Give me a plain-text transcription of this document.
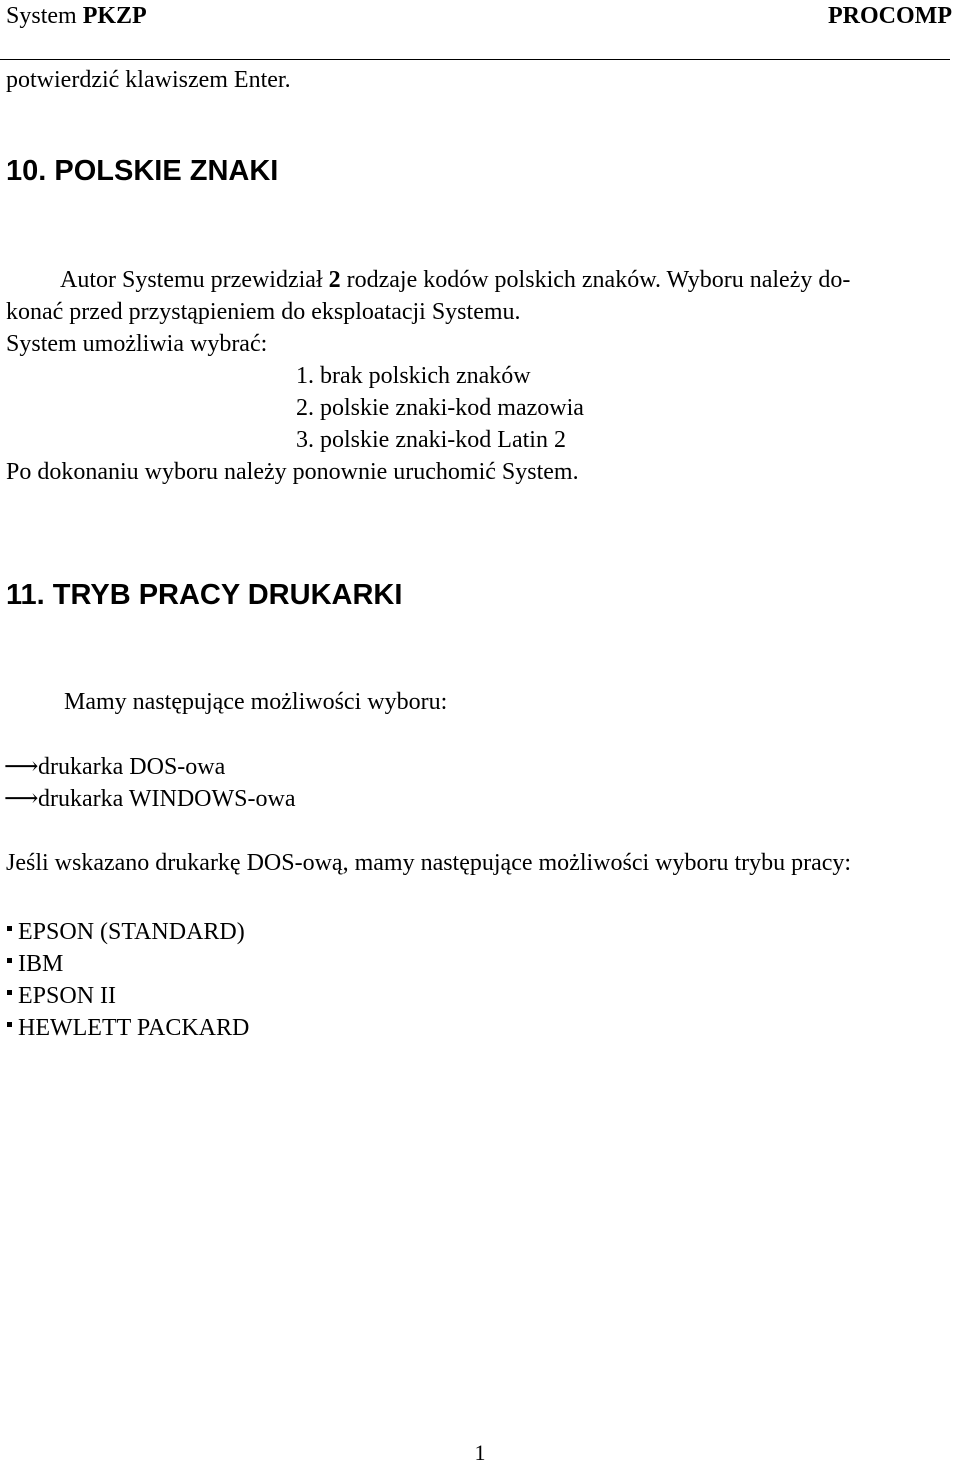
System PKZP	PROCOMP
potwierdzić klawiszem Enter.
10. POLSKIE ZNAKI
Autor Systemu przewidział 2 rodzaje kodów polskich znaków. Wyboru należy do-
konać przed przystąpieniem do eksploatacji Systemu.
System umożliwia wybrać:
1. brak polskich znaków
2. polskie znaki-kod mazowia
3. polskie znaki-kod Latin 2
Po dokonaniu wyboru należy ponownie uruchomić System.
11. TRYB PRACY DRUKARKI
Mamy następujące możliwości wyboru:
⟶drukarka DOS-owa
⟶drukarka WINDOWS-owa
Jeśli wskazano drukarkę DOS-ową, mamy następujące możliwości wyboru trybu pracy:
EPSON (STANDARD)
IBM
EPSON II
HEWLETT PACKARD
1
